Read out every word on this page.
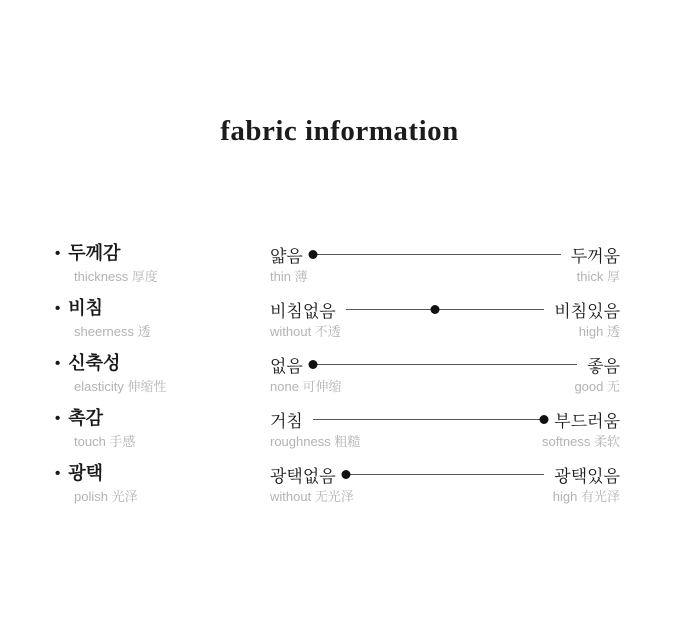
fabric information
• 두께감
thickness 厚度
얇음	두꺼움
thin 薄	thick 厚
• 비침
sheerness 透
비침없음	비침있음
without 不透	high 透
• 신축성
elasticity 伸缩性
없음	좋음
none 可伸缩	good 无
• 촉감
touch 手感
거침	부드러움
roughness 粗糙	softness 柔软
• 광택
polish 光泽
광택없음	광택있음
without 无光泽	high 有光泽
